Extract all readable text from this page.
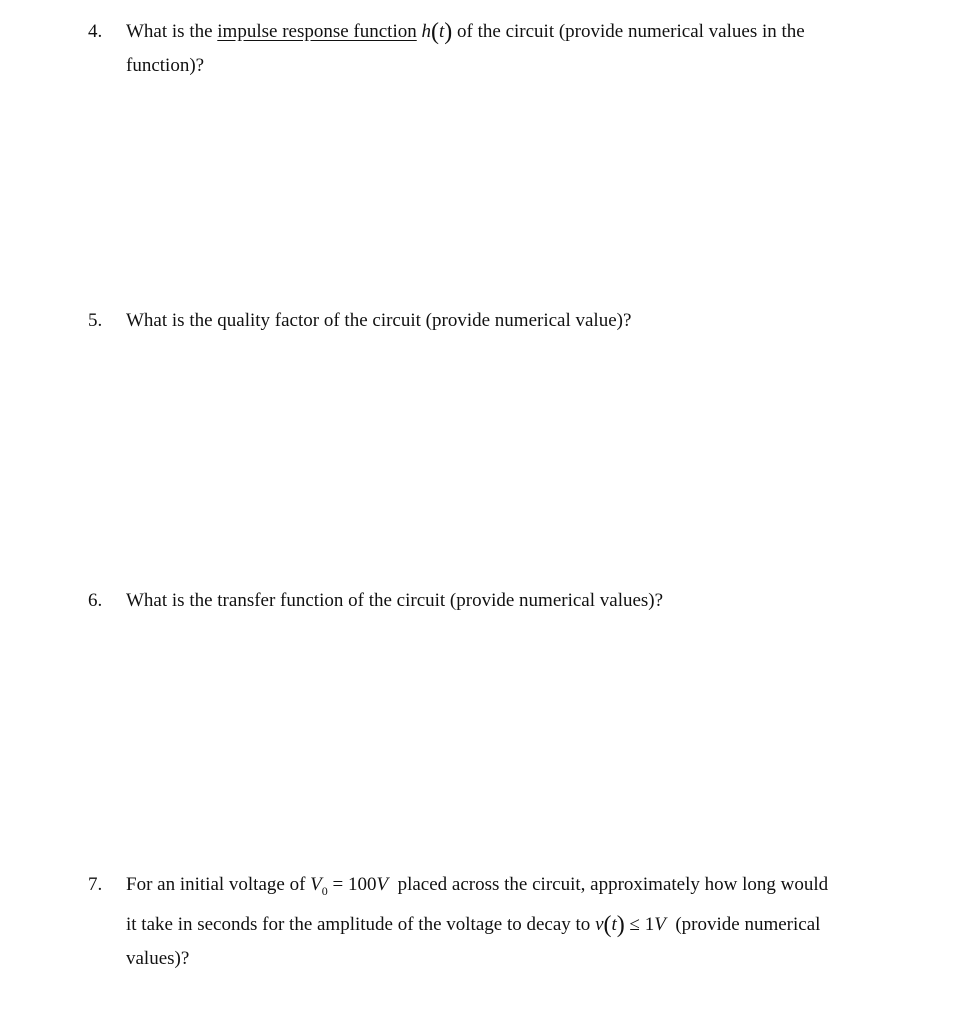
4. What is the impulse response function h(t) of the circuit (provide numerical values in the
function)?
5. What is the quality factor of the circuit (provide numerical value)?
6. What is the transfer function of the circuit (provide numerical values)?
7. For an initial voltage of $V_0 = 100V$  placed across the circuit, approximately how long would
it take in seconds for the amplitude of the voltage to decay to v(t) ≤ 1V  (provide numerical
values)?
